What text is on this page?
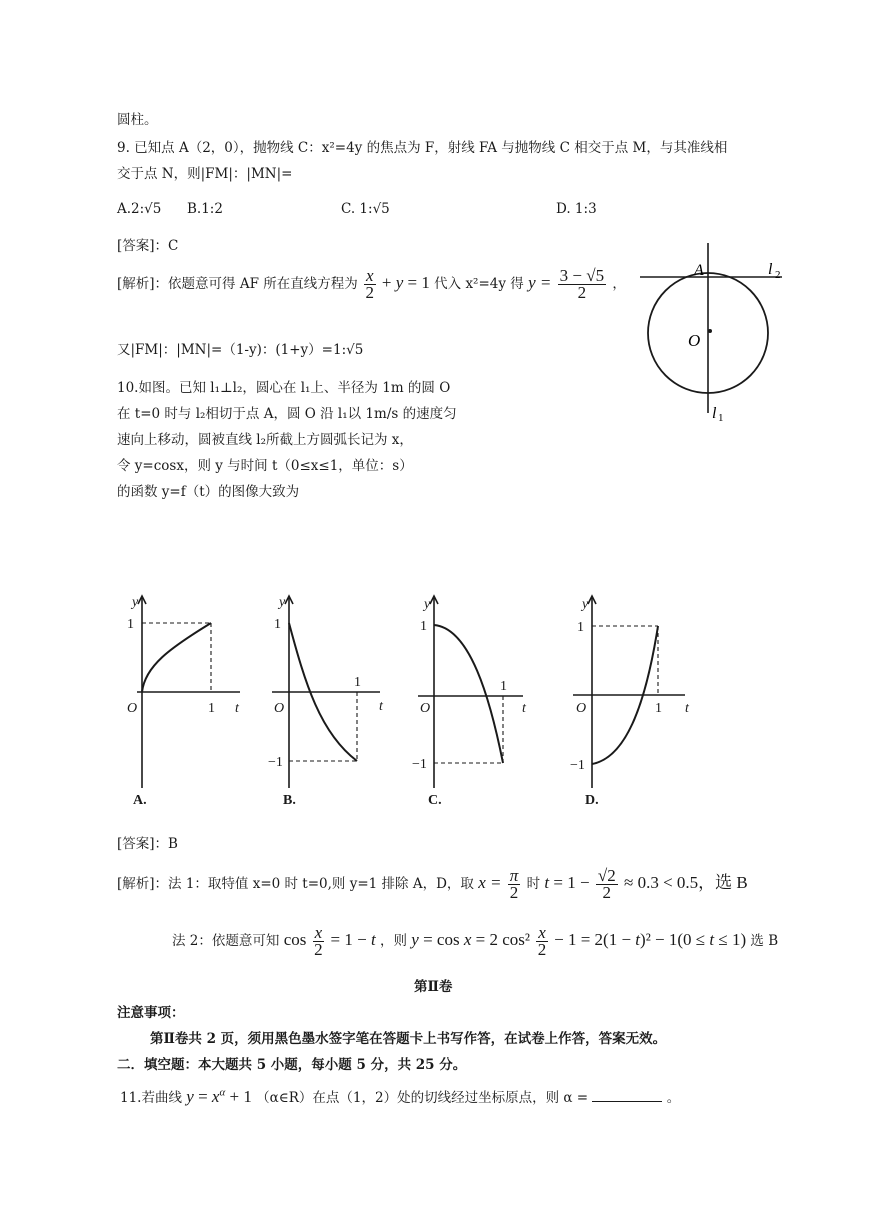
圆柱。
9. 已知点 A（2，0），抛物线 C：x²=4y 的焦点为 F，射线 FA 与抛物线 C 相交于点 M，与其准线相
交于点 N，则|FM|：|MN|=
A.2:√5 B.1:2	C. 1:√5	D. 1:3
[答案]：C
[解析]：依题意可得 AF 所在直线方程为 $\frac{x}{2} + y = 1$ 代入 x²=4y 得 $y = \frac{3 - √5}{2}$ ，
又|FM|：|MN|=（1-y)：(1+y）=1:√5
A
O
l 2
l 1
10.如图。已知 l₁⊥l₂，圆心在 l₁上、半径为 1m 的圆 O
在 t=0 时与 l₂相切于点 A，圆 O 沿 l₁以 1m/s 的速度匀
速向上移动，圆被直线 l₂所截上方圆弧长记为 x，
令 y=cosx，则 y 与时间 t（0≤x≤1，单位：s）
的函数 y=f（t）的图像大致为
y
1
O	1 t
A.
y
1
O
1
t
−1
B.
y
1
O
1
t
−1
C.
y
1
O	1 t
−1
D.
[答案]：B
[解析]：法 1：取特值 x=0 时 t=0,则 y=1 排除 A，D，取 $x = \frac{\pi}{2}$ 时 $t = 1 - \frac{√2}{2} \approx 0.3 < 0.5$，选 B
法 2：依题意可知 $\cos \frac{x}{2} = 1 - t$ ，则 y = cos x = 2 $\cos^2 \frac{x}{2} - 1 = 2(1 - t)^2 - 1(0 \le t \le 1)$ 选 B
第Ⅱ卷
注意事项：
第Ⅱ卷共 2 页，须用黑色墨水签字笔在答题卡上书写作答，在试卷上作答，答案无效。
二．填空题：本大题共 5 小题，每小题 5 分，共 25 分。
11.若曲线 $y = x^\alpha + 1$ （α∈R）在点（1，2）处的切线经过坐标原点，则 α =	。
